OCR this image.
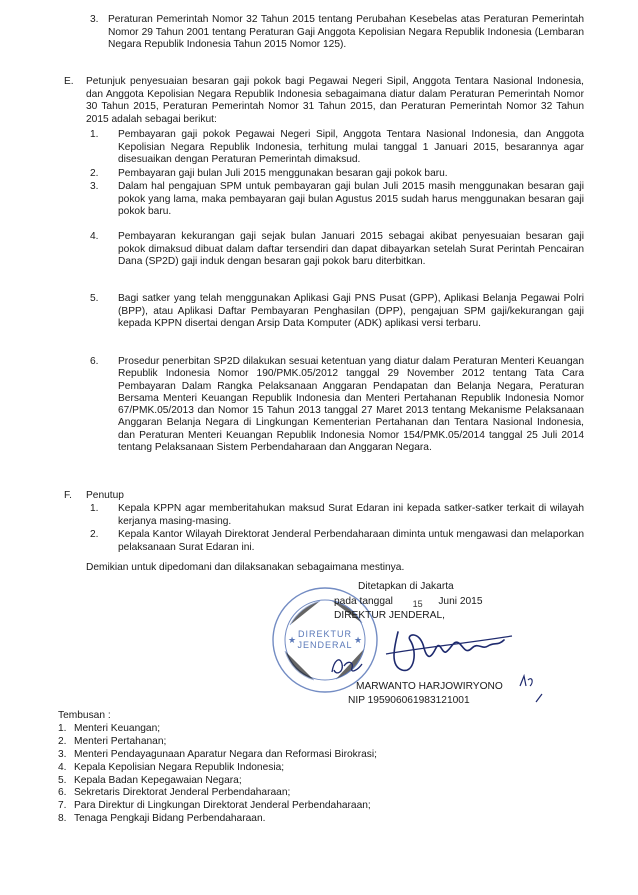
3. Peraturan Pemerintah Nomor 32 Tahun 2015 tentang Perubahan Kesebelas atas Peraturan Pemerintah Nomor 29 Tahun 2001 tentang Peraturan Gaji Anggota Kepolisian Negara Republik Indonesia (Lembaran Negara Republik Indonesia Tahun 2015 Nomor 125).

E. Petunjuk penyesuaian besaran gaji pokok bagi Pegawai Negeri Sipil, Anggota Tentara Nasional Indonesia, dan Anggota Kepolisian Negara Republik Indonesia sebagaimana diatur dalam Peraturan Pemerintah Nomor 30 Tahun 2015, Peraturan Pemerintah Nomor 31 Tahun 2015, dan Peraturan Pemerintah Nomor 32 Tahun 2015 adalah sebagai berikut:

1. Pembayaran gaji pokok Pegawai Negeri Sipil, Anggota Tentara Nasional Indonesia, dan Anggota Kepolisian Negara Republik Indonesia, terhitung mulai tanggal 1 Januari 2015, besarannya agar disesuaikan dengan Peraturan Pemerintah dimaksud.

2. Pembayaran gaji bulan Juli 2015 menggunakan besaran gaji pokok baru.

3. Dalam hal pengajuan SPM untuk pembayaran gaji bulan Juli 2015 masih menggunakan besaran gaji pokok yang lama, maka pembayaran gaji bulan Agustus 2015 sudah harus menggunakan besaran gaji pokok baru.

4. Pembayaran kekurangan gaji sejak bulan Januari 2015 sebagai akibat penyesuaian besaran gaji pokok dimaksud dibuat dalam daftar tersendiri dan dapat dibayarkan setelah Surat Perintah Pencairan Dana (SP2D) gaji induk dengan besaran gaji pokok baru diterbitkan.

5. Bagi satker yang telah menggunakan Aplikasi Gaji PNS Pusat (GPP), Aplikasi Belanja Pegawai Polri (BPP), atau Aplikasi Daftar Pembayaran Penghasilan (DPP), pengajuan SPM gaji/kekurangan gaji kepada KPPN disertai dengan Arsip Data Komputer (ADK) aplikasi versi terbaru.

6. Prosedur penerbitan SP2D dilakukan sesuai ketentuan yang diatur dalam Peraturan Menteri Keuangan Republik Indonesia Nomor 190/PMK.05/2012 tanggal 29 November 2012 tentang Tata Cara Pembayaran Dalam Rangka Pelaksanaan Anggaran Pendapatan dan Belanja Negara, Peraturan Bersama Menteri Keuangan Republik Indonesia dan Menteri Pertahanan Republik Indonesia Nomor 67/PMK.05/2013 dan Nomor 15 Tahun 2013 tanggal 27 Maret 2013 tentang Mekanisme Pelaksanaan Anggaran Belanja Negara di Lingkungan Kementerian Pertahanan dan Tentara Nasional Indonesia, dan Peraturan Menteri Keuangan Republik Indonesia Nomor 154/PMK.05/2014 tanggal 25 Juli 2014 tentang Pelaksanaan Sistem Perbendaharaan dan Anggaran Negara.

F. Penutup
1. Kepala KPPN agar memberitahukan maksud Surat Edaran ini kepada satker-satker terkait di wilayah kerjanya masing-masing.

2. Kepala Kantor Wilayah Direktorat Jenderal Perbendaharaan diminta untuk mengawasi dan melaporkan pelaksanaan Surat Edaran ini.

Demikian untuk dipedomani dan dilaksanakan sebagaimana mestinya.
DIREKTUR
JENDERAL
★	★
Ditetapkan di Jakarta
pada tanggal 15 Juni 2015
DIREKTUR JENDERAL,
MARWANTO HARJOWIRYONO
NIP 195906061983121001
Tembusan :
1. Menteri Keuangan;
2. Menteri Pertahanan;
3. Menteri Pendayagunaan Aparatur Negara dan Reformasi Birokrasi;
4. Kepala Kepolisian Negara Republik Indonesia;
5. Kepala Badan Kepegawaian Negara;
6. Sekretaris Direktorat Jenderal Perbendaharaan;
7. Para Direktur di Lingkungan Direktorat Jenderal Perbendaharaan;
8. Tenaga Pengkaji Bidang Perbendaharaan.
